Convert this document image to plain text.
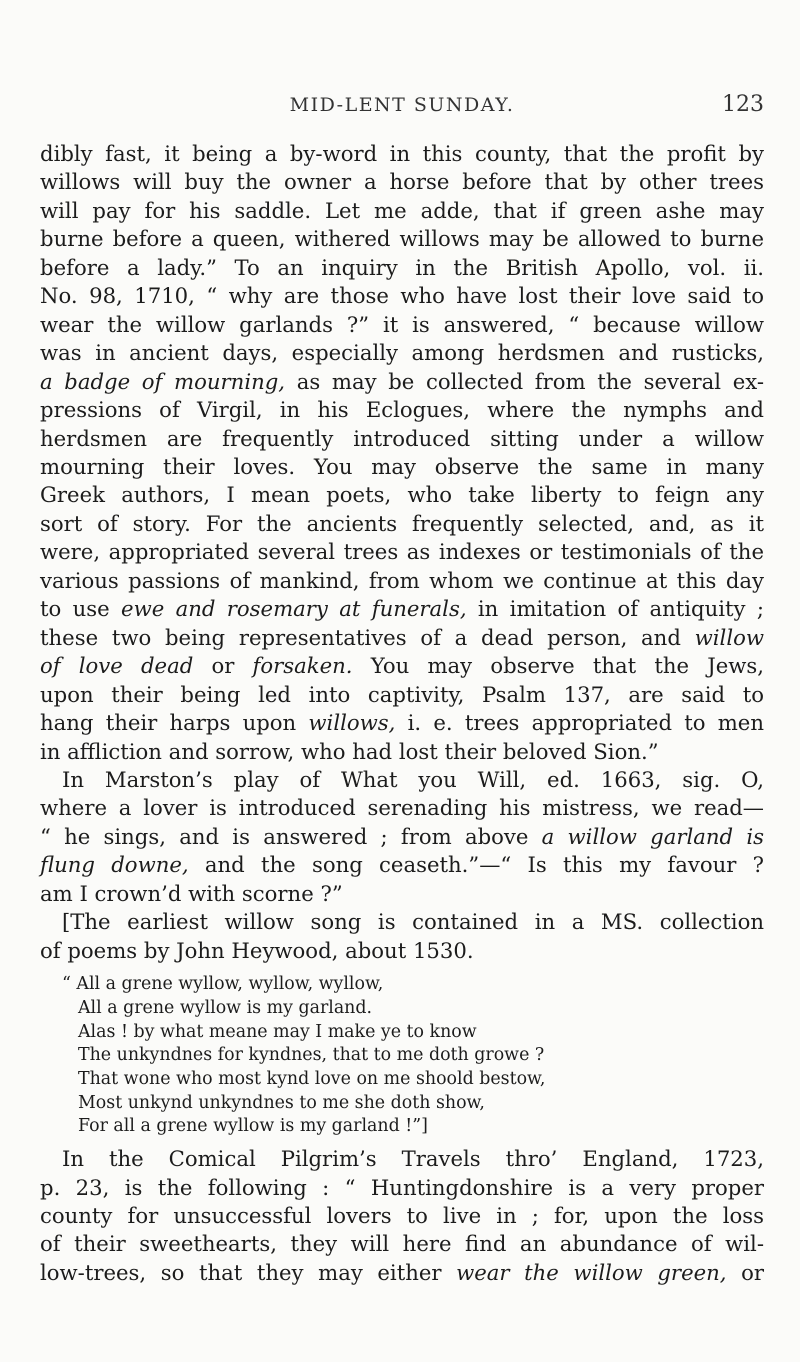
MID-LENT SUNDAY.	123

dibly fast, it being a by-word in this county, that the profit by
willows will buy the owner a horse before that by other trees
will pay for his saddle. Let me adde, that if green ashe may
burne before a queen, withered willows may be allowed to burne
before a lady.” To an inquiry in the British Apollo, vol. ii.
No. 98, 1710, “ why are those who have lost their love said to
wear the willow garlands ?” it is answered, “ because willow
was in ancient days, especially among herdsmen and rusticks,
a badge of mourning, as may be collected from the several ex-
pressions of Virgil, in his Eclogues, where the nymphs and
herdsmen are frequently introduced sitting under a willow
mourning their loves. You may observe the same in many
Greek authors, I mean poets, who take liberty to feign any
sort of story. For the ancients frequently selected, and, as it
were, appropriated several trees as indexes or testimonials of the
various passions of mankind, from whom we continue at this day
to use ewe and rosemary at funerals, in imitation of antiquity ;
these two being representatives of a dead person, and willow
of love dead or forsaken. You may observe that the Jews,
upon their being led into captivity, Psalm 137, are said to
hang their harps upon willows, i. e. trees appropriated to men
in affliction and sorrow, who had lost their beloved Sion.”

In Marston’s play of What you Will, ed. 1663, sig. O,
where a lover is introduced serenading his mistress, we read—
“ he sings, and is answered ; from above a willow garland is
flung downe, and the song ceaseth.”—“ Is this my favour ?
am I crown’d with scorne ?”

[The earliest willow song is contained in a MS. collection
of poems by John Heywood, about 1530.

“ All a grene wyllow, wyllow, wyllow,
All a grene wyllow is my garland.
Alas ! by what meane may I make ye to know
The unkyndnes for kyndnes, that to me doth growe ?
That wone who most kynd love on me shoold bestow,
Most unkynd unkyndnes to me she doth show,
For all a grene wyllow is my garland !”]

In the Comical Pilgrim’s Travels thro’ England, 1723,
p. 23, is the following : “ Huntingdonshire is a very proper
county for unsuccessful lovers to live in ; for, upon the loss
of their sweethearts, they will here find an abundance of wil-
low-trees, so that they may either wear the willow green, or
